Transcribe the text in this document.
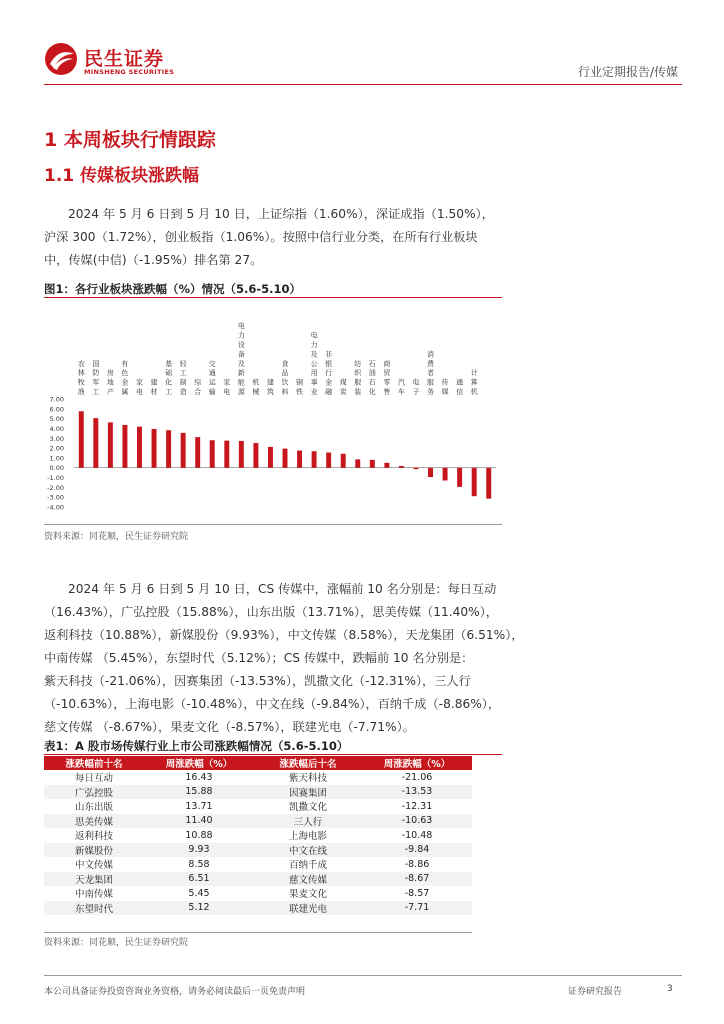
民生证券
MINSHENG SECURITIES	行业定期报告/传媒
1 本周板块行情跟踪
1.1 传媒板块涨跌幅

2024 年 5 月 6 日到 5 月 10 日，上证综指（1.60%），深证成指（1.50%），

沪深 300（1.72%），创业板指（1.06%）。按照中信行业分类，在所有行业板块

中，传媒(中信)（-1.95%）排名第 27。

图1：各行业板块涨跌幅（%）情况（5.6-5.10）
7.00
6.00
5.00
4.00
3.00
2.00
1.00
0.00
-1.00
-2.00
-3.00
-4.00
农林牧渔
国防军工
房地产
有色金属
家电
建材
基础化工
轻工制造
综合
交通运输
家电
电力设备及新能源
机械
建筑
食品饮料
钢铁
电力及公用事业
非银行金融
煤炭
纺织服装
石油石化
商贸零售
汽车
电子
消费者服务
传媒
通信
计算机
资料来源：同花顺，民生证券研究院

2024 年 5 月 6 日到 5 月 10 日，CS 传媒中，涨幅前 10 名分别是：每日互动

（16.43%），广弘控股（15.88%），山东出版（13.71%），思美传媒（11.40%），

返利科技（10.88%），新媒股份（9.93%），中文传媒（8.58%），天龙集团（6.51%），

中南传媒 （5.45%），东望时代（5.12%）；CS 传媒中，跌幅前 10 名分别是：

紫天科技（-21.06%），因赛集团（-13.53%），凯撒文化（-12.31%），三人行

（-10.63%），上海电影（-10.48%），中文在线（-9.84%），百纳千成（-8.86%），

慈文传媒 （-8.67%），果麦文化（-8.57%），联建光电（-7.71%）。

表1：A 股市场传媒行业上市公司涨跌幅情况（5.6-5.10）
涨跌幅前十名	周涨跌幅（%）	涨跌幅后十名	周涨跌幅（%）
每日互动	16.43	紫天科技	-21.06
广弘控股	15.88	因赛集团	-13.53
山东出版	13.71	凯撒文化	-12.31
思美传媒	11.40	三人行	-10.63
返利科技	10.88	上海电影	-10.48
新媒股份	9.93	中文在线	-9.84
中文传媒	8.58	百纳千成	-8.86
天龙集团	6.51	慈文传媒	-8.67
中南传媒	5.45	果麦文化	-8.57
东望时代	5.12	联建光电	-7.71
资料来源：同花顺，民生证券研究院
本公司具备证券投资咨询业务资格，请务必阅读最后一页免责声明	证券研究报告	3
